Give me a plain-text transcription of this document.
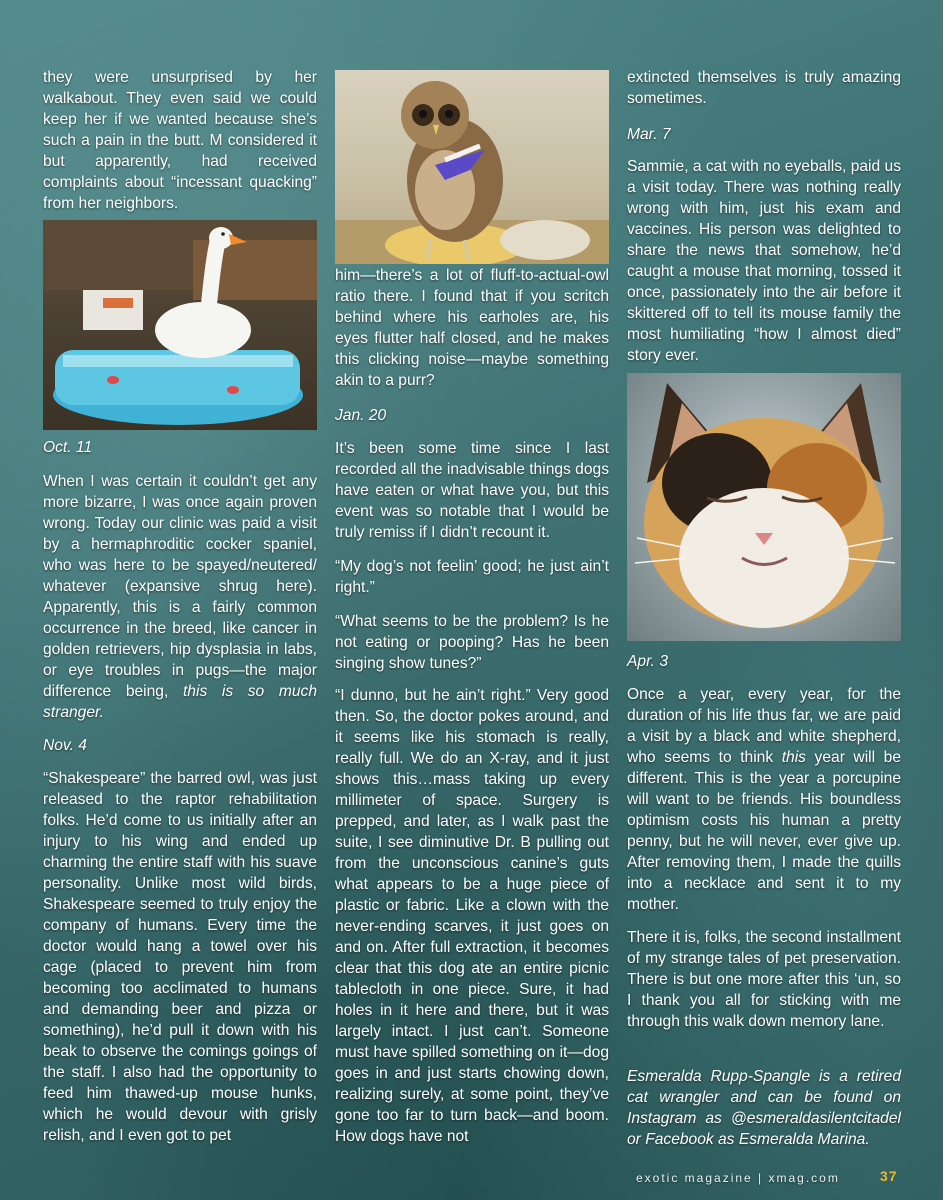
they were unsurprised by her walkabout. They even said we could keep her if we wanted because she’s such a pain in the butt. M considered it but apparently, had received complaints about “incessant quacking” from her neighbors.

Oct. 11

When I was certain it couldn’t get any more bizarre, I was once again proven wrong. Today our clinic was paid a visit by a hermaphroditic cocker spaniel, who was here to be spayed/neutered/ whatever (expansive shrug here). Apparently, this is a fairly common occurrence in the breed, like cancer in golden retrievers, hip dysplasia in labs, or eye troubles in pugs—the major difference being, this is so much stranger.

Nov. 4

“Shakespeare” the barred owl, was just released to the raptor rehabilitation folks. He’d come to us initially after an injury to his wing and ended up charming the entire staff with his suave personality. Unlike most wild birds, Shakespeare seemed to truly enjoy the company of humans. Every time the doctor would hang a towel over his cage (placed to prevent him from becoming too acclimated to humans and demanding beer and pizza or something), he’d pull it down with his beak to observe the comings goings of the staff. I also had the opportunity to feed him thawed-up mouse hunks, which he would devour with grisly relish, and I even got to pet

him—there’s a lot of fluff-to-actual-owl ratio there. I found that if you scritch behind where his earholes are, his eyes flutter half closed, and he makes this clicking noise—maybe something akin to a purr?

Jan. 20

It’s been some time since I last recorded all the inadvisable things dogs have eaten or what have you, but this event was so notable that I would be truly remiss if I didn’t recount it.

“My dog’s not feelin’ good; he just ain’t right.”

“What seems to be the problem? Is he not eating or pooping? Has he been singing show tunes?”

“I dunno, but he ain’t right.” Very good then. So, the doctor pokes around, and it seems like his stomach is really, really full. We do an X-ray, and it just shows this…mass taking up every millimeter of space. Surgery is prepped, and later, as I walk past the suite, I see diminutive Dr. B pulling out from the unconscious canine’s guts what appears to be a huge piece of plastic or fabric. Like a clown with the never-ending scarves, it just goes on and on. After full extraction, it becomes clear that this dog ate an entire picnic tablecloth in one piece. Sure, it had holes in it here and there, but it was largely intact. I just can’t. Someone must have spilled something on it—dog goes in and just starts chowing down, realizing surely, at some point, they’ve gone too far to turn back—and boom. How dogs have not

extincted themselves is truly amazing sometimes.

Mar. 7

Sammie, a cat with no eyeballs, paid us a visit today. There was nothing really wrong with him, just his exam and vaccines. His person was delighted to share the news that somehow, he’d caught a mouse that morning, tossed it once, passionately into the air before it skittered off to tell its mouse family the most humiliating “how I almost died” story ever.

Apr. 3

Once a year, every year, for the duration of his life thus far, we are paid a visit by a black and white shepherd, who seems to think this year will be different. This is the year a porcupine will want to be friends. His boundless optimism costs his human a pretty penny, but he will never, ever give up. After removing them, I made the quills into a necklace and sent it to my mother.

There it is, folks, the second installment of my strange tales of pet preservation. There is but one more after this ‘un, so I thank you all for sticking with me through this walk down memory lane.

Esmeralda Rupp-Spangle is a retired cat wrangler and can be found on Instagram as @esmeraldasilentcitadel or Facebook as Esmeralda Marina.

exotic magazine | xmag.com	37
